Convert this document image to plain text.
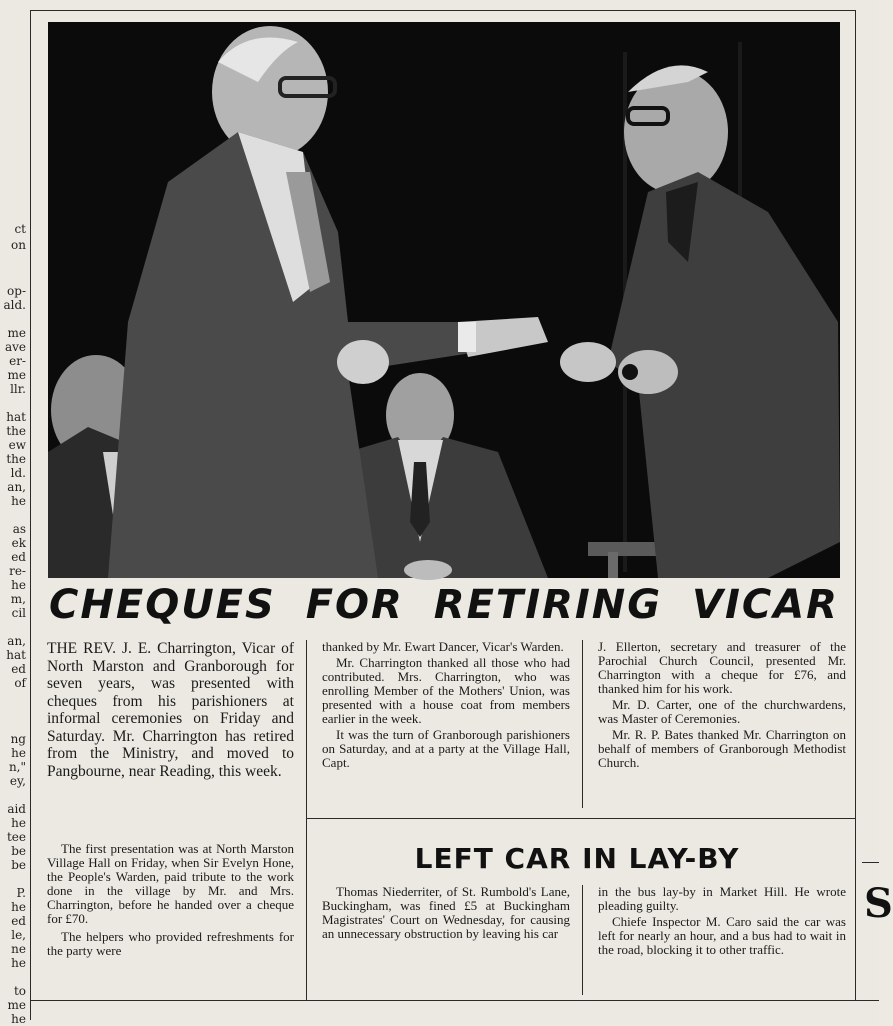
ct
on
op-
ald.
me
ave
er-
me
llr.
hat
the
ew
the
ld.
an,
he
as
ek
ed
re-
he
m,
cil
an,
hat
ed
of
ng
he
n,"
ey,
aid
he
tee
be
be
P.
he
ed
le,
ne
he
to
me
he
CHEQUES FOR RETIRING VICAR

THE REV. J. E. Charrington, Vicar of North Marston and Granborough for seven years, was presented with cheques from his parishioners at informal ceremonies on Friday and Saturday. Mr. Charrington has retired from the Ministry, and moved to Pangbourne, near Reading, this week.

The first presentation was at North Marston Village Hall on Friday, when Sir Evelyn Hone, the People's Warden, paid tribute to the work done in the village by Mr. and Mrs. Charrington, before he handed over a cheque for £70.

The helpers who provided refreshments for the party were

thanked by Mr. Ewart Dancer, Vicar's Warden.

Mr. Charrington thanked all those who had contributed. Mrs. Charrington, who was enrolling Member of the Mothers' Union, was presented with a house coat from members earlier in the week.

It was the turn of Granborough parishioners on Saturday, and at a party at the Village Hall, Capt.

J. Ellerton, secretary and treasurer of the Parochial Church Council, presented Mr. Charrington with a cheque for £76, and thanked him for his work.

Mr. D. Carter, one of the churchwardens, was Master of Ceremonies.

Mr. R. P. Bates thanked Mr. Charrington on behalf of members of Granborough Methodist Church.

LEFT CAR IN LAY-BY

Thomas Niederriter, of St. Rumbold's Lane, Buckingham, was fined £5 at Buckingham Magistrates' Court on Wednesday, for causing an unnecessary obstruction by leaving his car

in the bus lay-by in Market Hill. He wrote pleading guilty.

Chiefe Inspector M. Caro said the car was left for nearly an hour, and a bus had to wait in the road, blocking it to other traffic.

S
